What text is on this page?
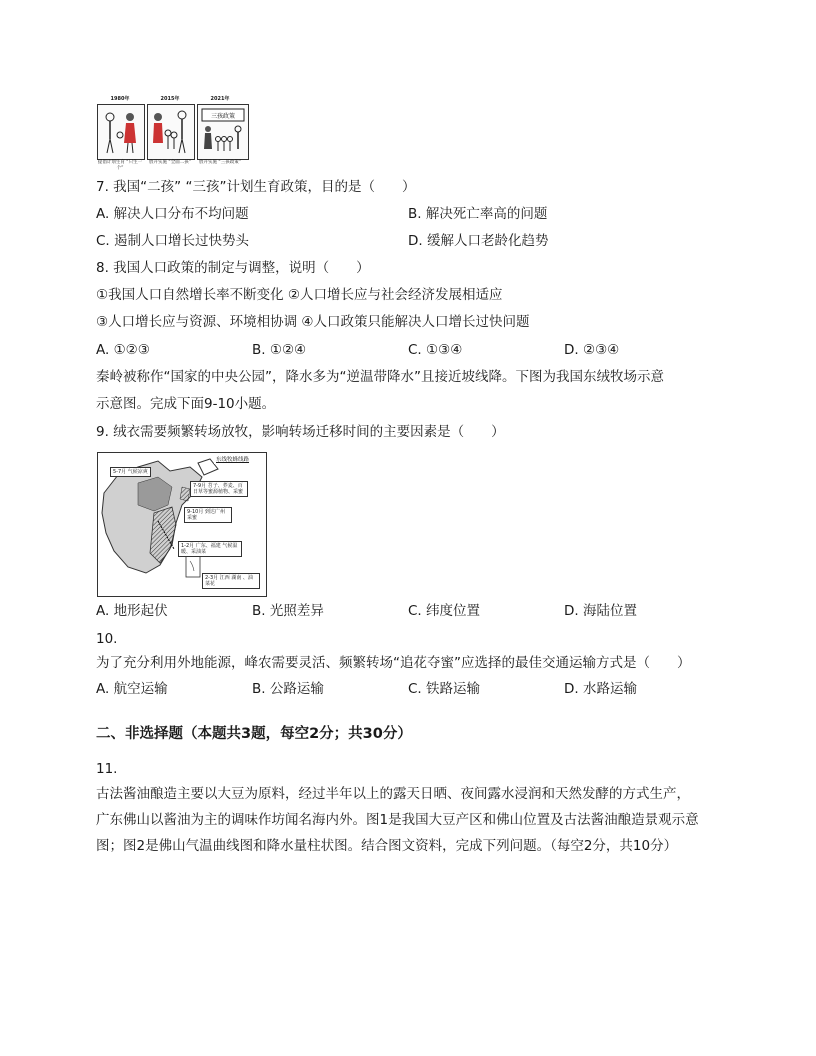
1980年	2015年	2021年
三孩政策
提倡计划生育 “只生一个”
放开实施 “全面二孩”	放开实施 “三孩政策”
7. 我国“二孩” “三孩”计划生育政策，目的是（　　）
A. 解决人口分布不均问题	B. 解决死亡率高的问题
C. 遏制人口增长过快势头	D. 缓解人口老龄化趋势
8. 我国人口政策的制定与调整，说明（　　）
①我国人口自然增长率不断变化 ②人口增长应与社会经济发展相适应
③人口增长应与资源、环境相协调 ④人口政策只能解决人口增长过快问题
A. ①②③	B. ①②④	C. ①③④	D. ②③④
秦岭被称作“国家的中央公园”，降水多为“逆温带降水”且接近坡线降。下图为我国东绒牧场示意
示意图。完成下面9-10小题。
9. 绒衣需要频繁转场放牧，影响转场迁移时间的主要因素是（　　）
东线牧蜂线路
5-7月 气候凉爽
7-9月 苕子、荞麦、百日草等蜜源植物、采蜜
9-10月 到达广州 采蜜
1-2月 广东、福建 气候温暖、采油菜
2-3月 江西 湖南 、油菜花
A. 地形起伏	B. 光照差异	C. 纬度位置	D. 海陆位置
10.
为了充分利用外地能源，峰农需要灵活、频繁转场“追花夺蜜”应选择的最佳交通运输方式是（　　）
A. 航空运输	B. 公路运输	C. 铁路运输	D. 水路运输
二、非选择题（本题共3题，每空2分；共30分）
11.
古法酱油酿造主要以大豆为原料，经过半年以上的露天日晒、夜间露水浸润和天然发酵的方式生产，
广东佛山以酱油为主的调味作坊闻名海内外。图1是我国大豆产区和佛山位置及古法酱油酿造景观示意
图；图2是佛山气温曲线图和降水量柱状图。结合图文资料，完成下列问题。（每空2分，共10分）
